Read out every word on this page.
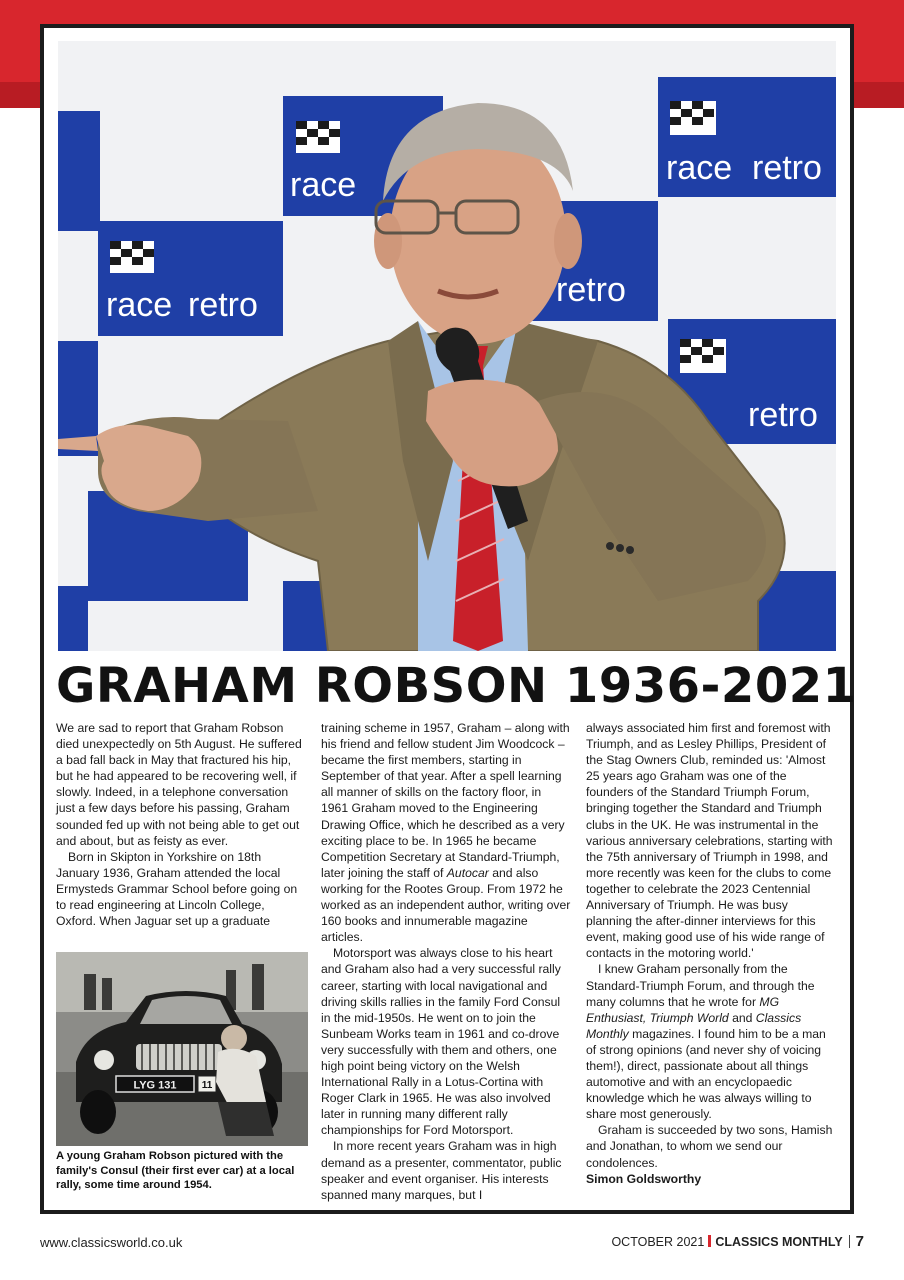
race	race retro
race retro	retro
retro
GRAHAM ROBSON 1936-2021

We are sad to report that Graham Robson died unexpectedly on 5th August. He suffered a bad fall back in May that fractured his hip, but he had appeared to be recovering well, if slowly. Indeed, in a telephone conversation just a few days before his passing, Graham sounded fed up with not being able to get out and about, but as feisty as ever.

Born in Skipton in Yorkshire on 18th January 1936, Graham attended the local Ermysteds Grammar School before going on to read engineering at Lincoln College, Oxford. When Jaguar set up a graduate

LYG 131	11

A young Graham Robson pictured with the family's Consul (their first ever car) at a local rally, some time around 1954.

training scheme in 1957, Graham – along with his friend and fellow student Jim Woodcock – became the first members, starting in September of that year. After a spell learning all manner of skills on the factory floor, in 1961 Graham moved to the Engineering Drawing Office, which he described as a very exciting place to be. In 1965 he became Competition Secretary at Standard-Triumph, later joining the staff of Autocar and also working for the Rootes Group. From 1972 he worked as an independent author, writing over 160 books and innumerable magazine articles.

Motorsport was always close to his heart and Graham also had a very successful rally career, starting with local navigational and driving skills rallies in the family Ford Consul in the mid-1950s. He went on to join the Sunbeam Works team in 1961 and co-drove very successfully with them and others, one high point being victory on the Welsh International Rally in a Lotus-Cortina with Roger Clark in 1965. He was also involved later in running many different rally championships for Ford Motorsport.

In more recent years Graham was in high demand as a presenter, commentator, public speaker and event organiser. His interests spanned many marques, but I

always associated him first and foremost with Triumph, and as Lesley Phillips, President of the Stag Owners Club, reminded us: 'Almost 25 years ago Graham was one of the founders of the Standard Triumph Forum, bringing together the Standard and Triumph clubs in the UK. He was instrumental in the various anniversary celebrations, starting with the 75th anniversary of Triumph in 1998, and more recently was keen for the clubs to come together to celebrate the 2023 Centennial Anniversary of Triumph. He was busy planning the after-dinner interviews for this event, making good use of his wide range of contacts in the motoring world.'

I knew Graham personally from the Standard-Triumph Forum, and through the many columns that he wrote for MG Enthusiast, Triumph World and Classics Monthly magazines. I found him to be a man of strong opinions (and never shy of voicing them!), direct, passionate about all things automotive and with an encyclopaedic knowledge which he was always willing to share most generously.

Graham is succeeded by two sons, Hamish and Jonathan, to whom we send our condolences.

Simon Goldsworthy

www.classicsworld.co.uk	OCTOBER 2021 CLASSICS MONTHLY 7
